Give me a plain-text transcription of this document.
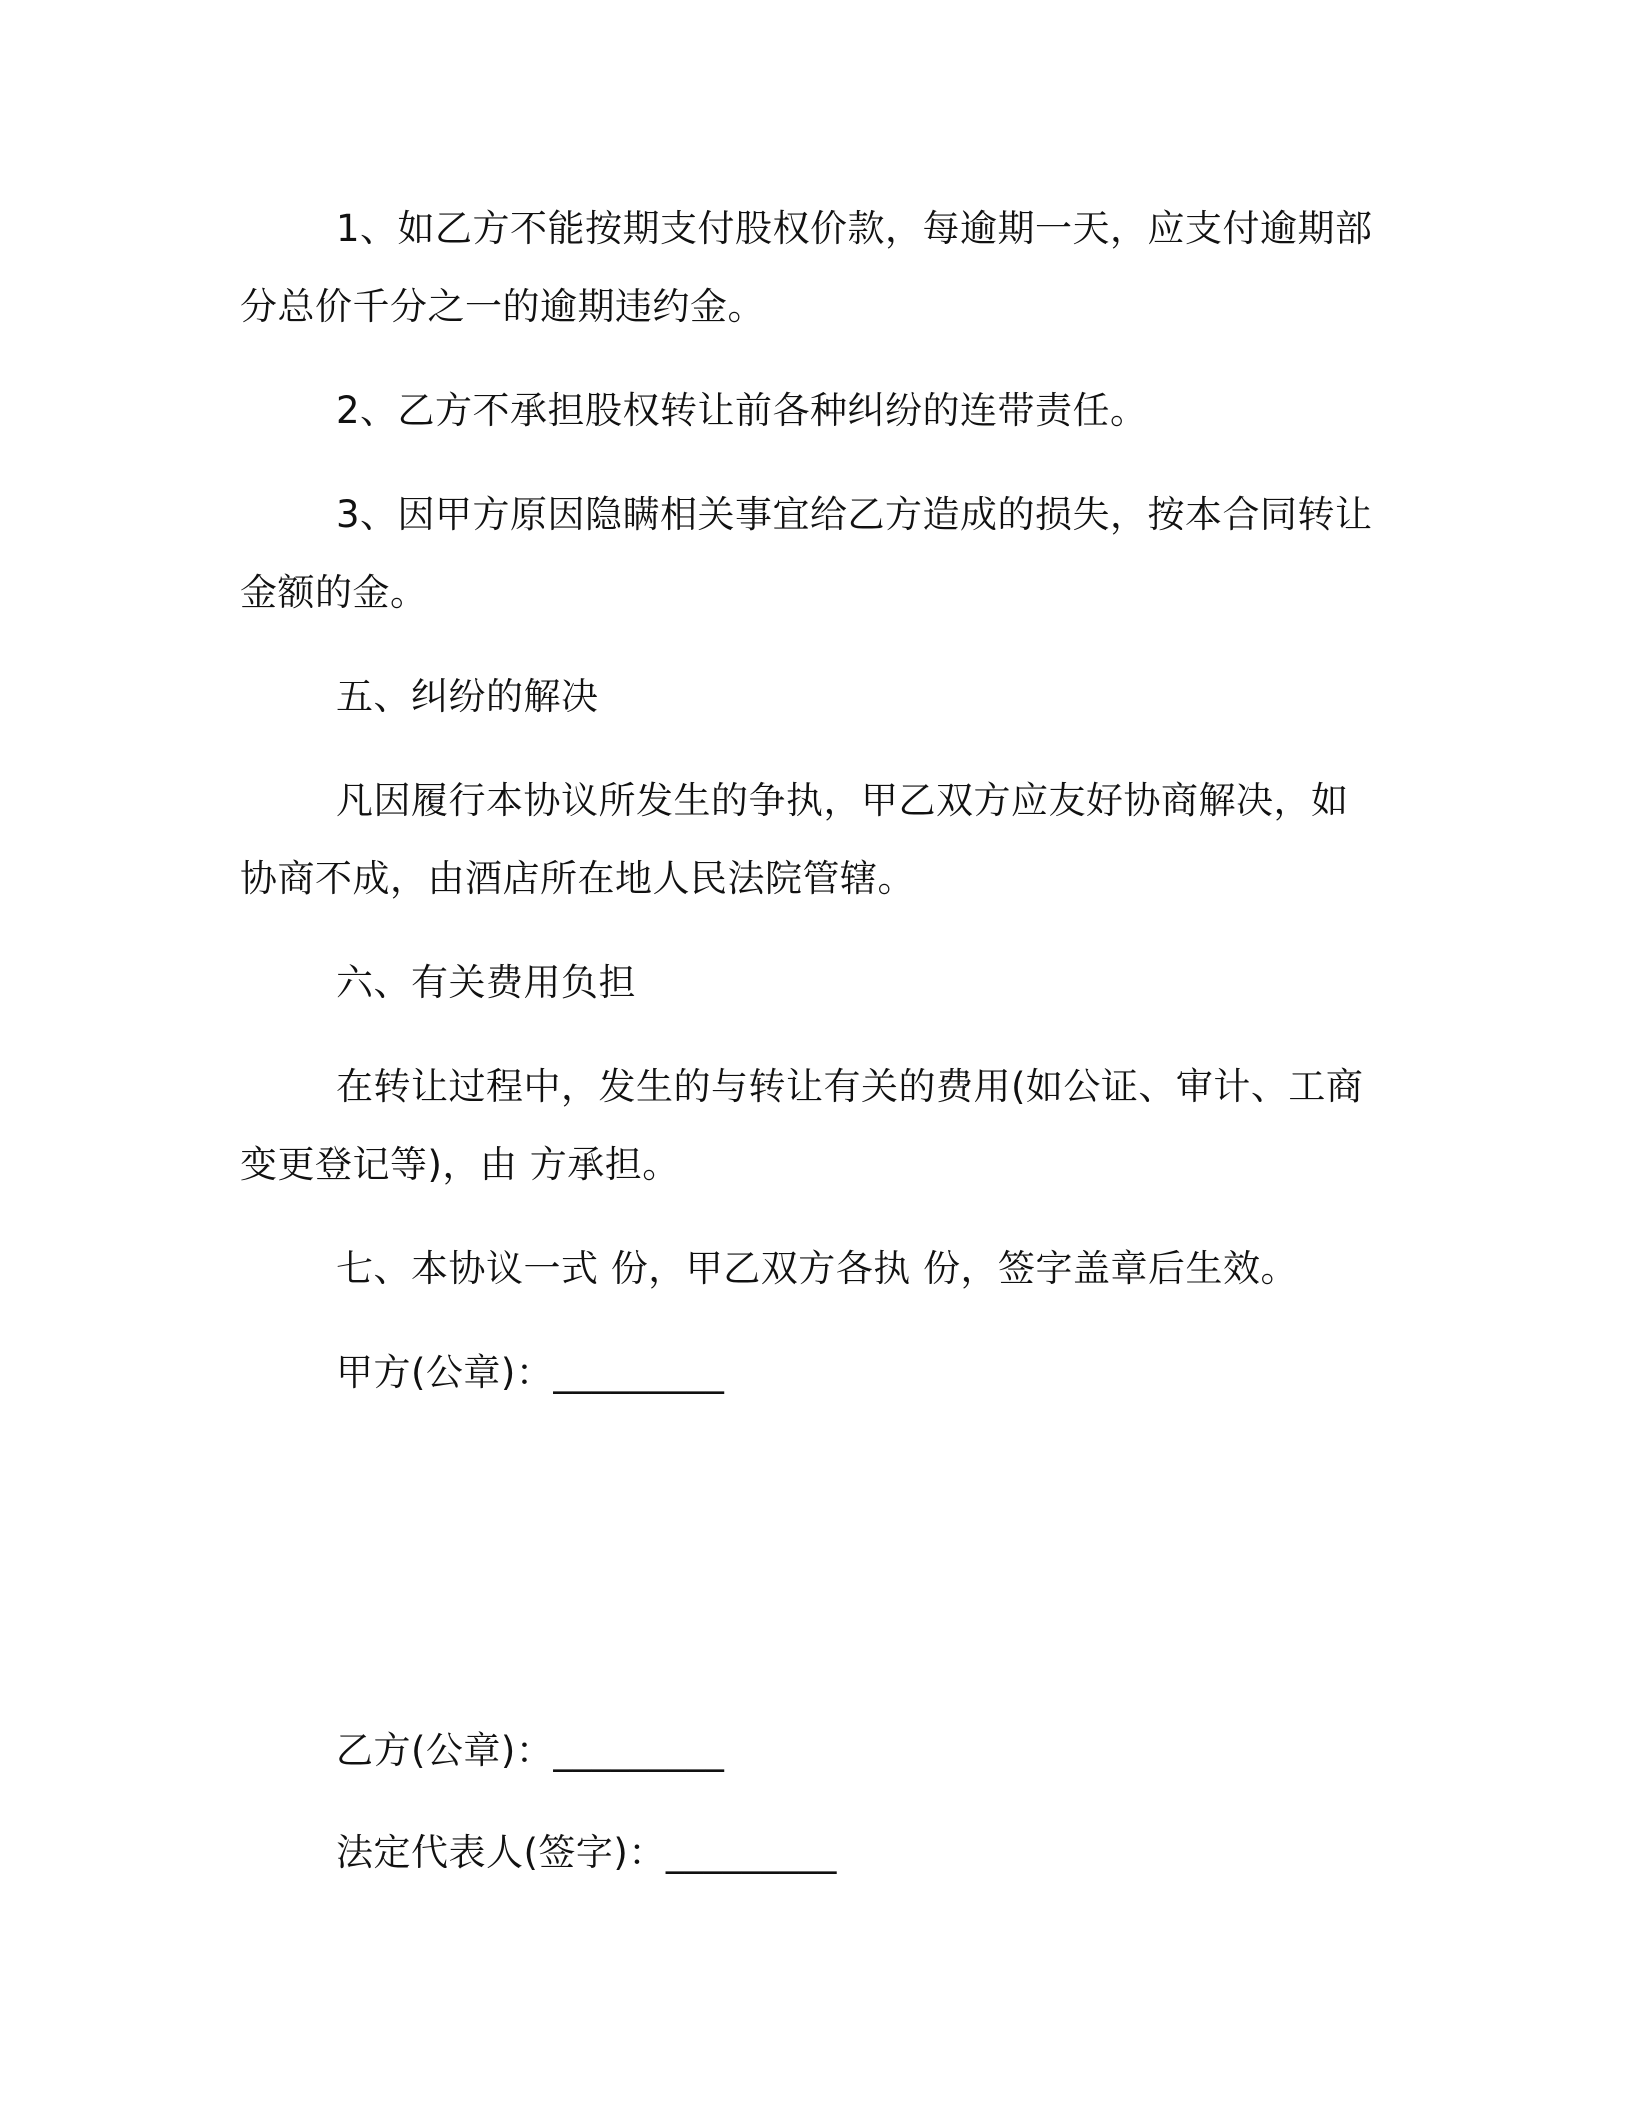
1、如乙方不能按期支付股权价款，每逾期一天，应支付逾期部分总价千分之一的逾期违约金。

2、乙方不承担股权转让前各种纠纷的连带责任。

3、因甲方原因隐瞒相关事宜给乙方造成的损失，按本合同转让金额的金。

五、纠纷的解决

凡因履行本协议所发生的争执，甲乙双方应友好协商解决，如协商不成，由酒店所在地人民法院管辖。

六、有关费用负担

在转让过程中，发生的与转让有关的费用(如公证、审计、工商变更登记等)，由 方承担。

七、本协议一式 份，甲乙双方各执 份，签字盖章后生效。

甲方(公章)：_________

乙方(公章)：_________

法定代表人(签字)：_________
